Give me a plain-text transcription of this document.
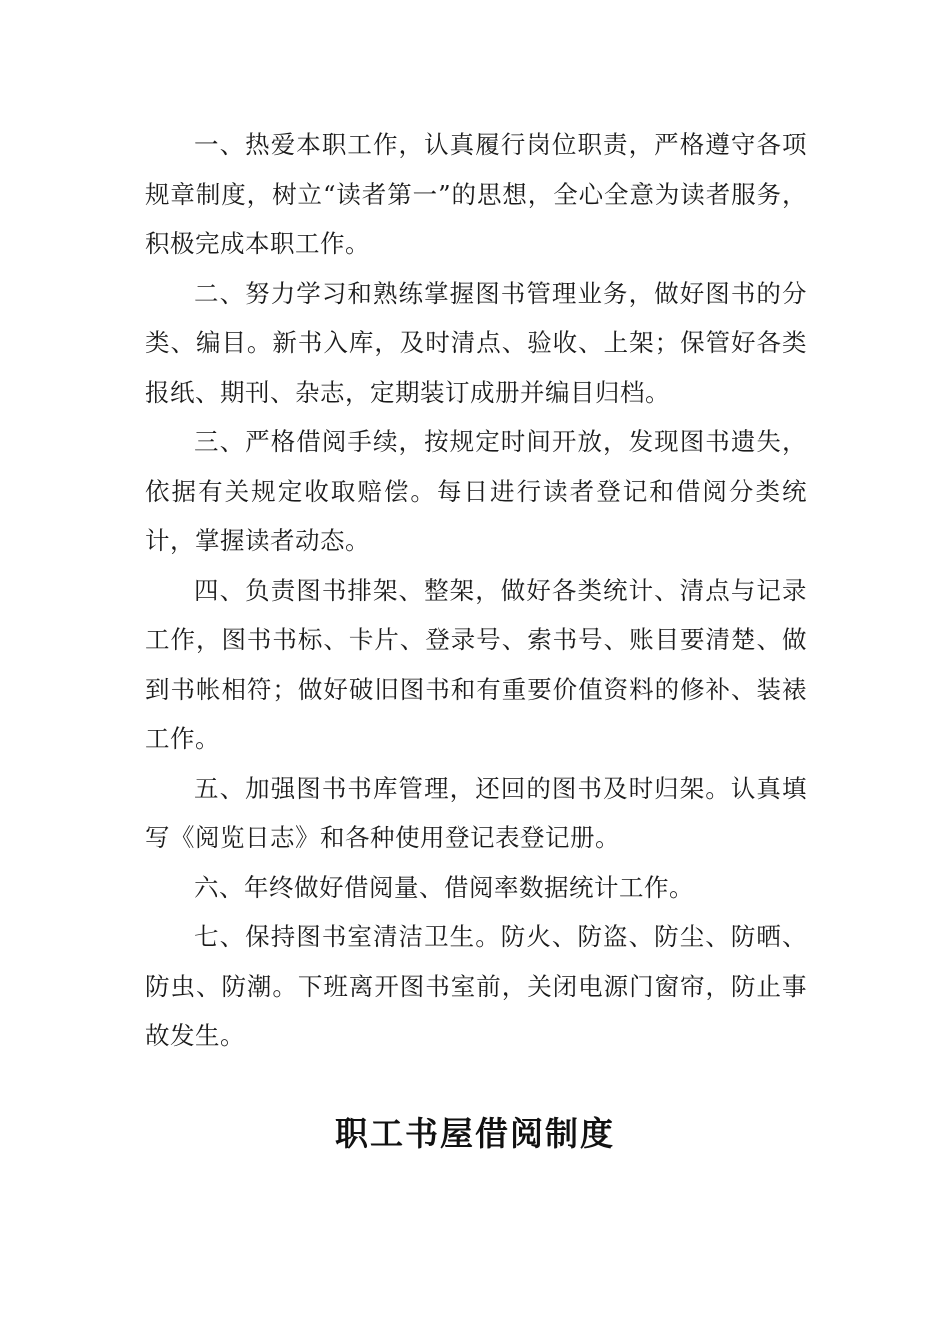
一、热爱本职工作，认真履行岗位职责，严格遵守各项规章制度，树立“读者第一”的思想，全心全意为读者服务，积极完成本职工作。

二、努力学习和熟练掌握图书管理业务，做好图书的分类、编目。新书入库，及时清点、验收、上架；保管好各类报纸、期刊、杂志，定期装订成册并编目归档。

三、严格借阅手续，按规定时间开放，发现图书遗失，依据有关规定收取赔偿。每日进行读者登记和借阅分类统计，掌握读者动态。

四、负责图书排架、整架，做好各类统计、清点与记录工作，图书书标、卡片、登录号、索书号、账目要清楚、做到书帐相符；做好破旧图书和有重要价值资料的修补、装裱工作。

五、加强图书书库管理，还回的图书及时归架。认真填写《阅览日志》和各种使用登记表登记册。

六、年终做好借阅量、借阅率数据统计工作。

七、保持图书室清洁卫生。防火、防盗、防尘、防晒、防虫、防潮。下班离开图书室前，关闭电源门窗帘，防止事故发生。

职工书屋借阅制度
